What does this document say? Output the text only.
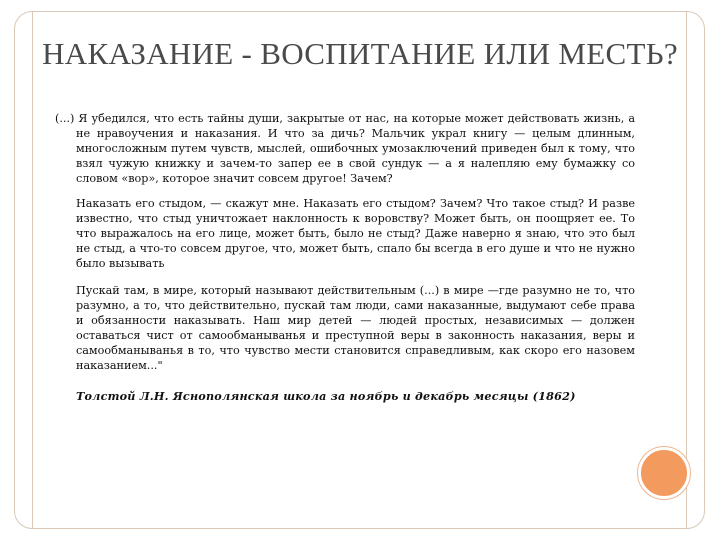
НАКАЗАНИЕ - ВОСПИТАНИЕ ИЛИ МЕСТЬ?

(...) Я убедился, что есть тайны души, закрытые от нас, на которые может действовать жизнь, а не нравоучения и наказания. И что за дичь? Мальчик украл книгу — целым длинным, многосложным путем чувств, мыслей, ошибочных умозаключений приведен был к тому, что взял чужую книжку и зачем-то запер ее в свой сундук — а я налепляю ему бумажку со словом «вор», которое значит совсем другое! Зачем?

Наказать его стыдом, — скажут мне. Наказать его стыдом? Зачем? Что такое стыд? И разве известно, что стыд уничтожает наклонность к воровству? Может быть, он поощряет ее. То что выражалось на его лице, может быть, было не стыд? Даже наверно я знаю, что это был не стыд, а что-то совсем другое, что, может быть, спало бы всегда в его душе и что не нужно было вызывать

Пускай там, в мире, который называют действительным (...) в мире —где разумно не то, что разумно, а то, что действительно, пускай там люди, сами наказанные, выдумают себе права и обязанности наказывать. Наш мир детей — людей простых, независимых — должен оставаться чист от самообманыванья и преступной веры в законность наказания, веры и самообманыванья в то, что чувство мести становится справедливым, как скоро его назовем наказанием..."

Толстой Л.Н. Яснополянская школа за ноябрь и декабрь месяцы (1862)
